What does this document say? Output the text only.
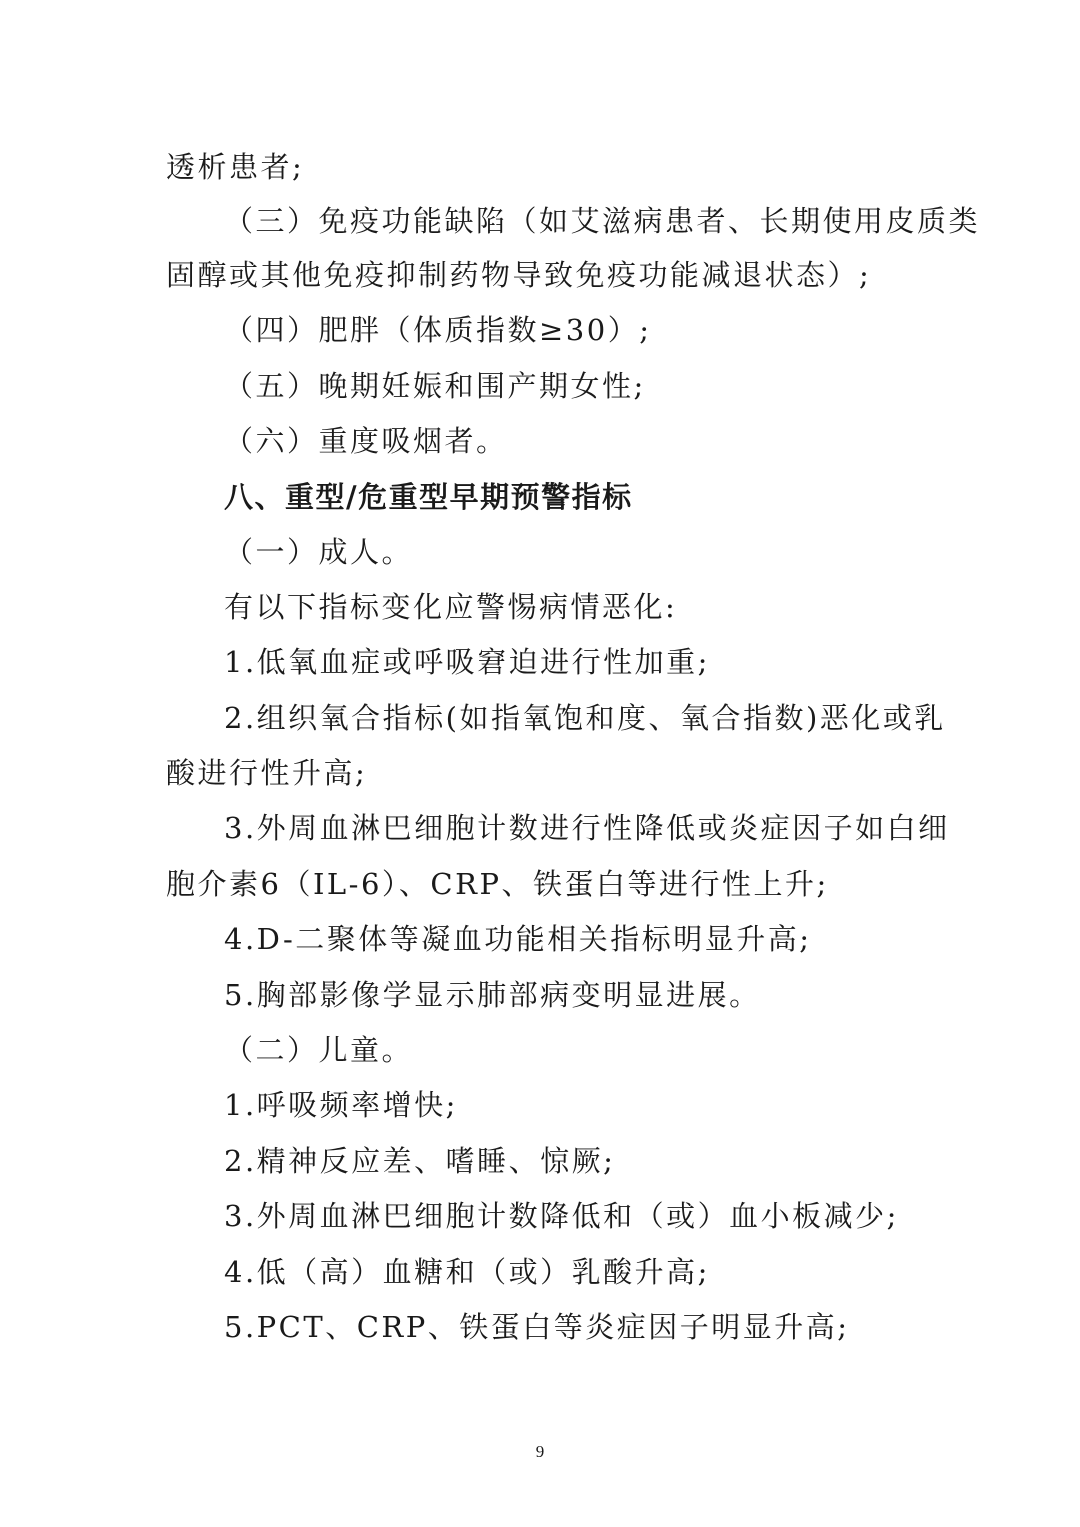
透析患者;
（三）免疫功能缺陷（如艾滋病患者、长期使用皮质类
固醇或其他免疫抑制药物导致免疫功能减退状态）;
（四）肥胖（体质指数≥30）;
（五）晚期妊娠和围产期女性;
（六）重度吸烟者。
八、重型/危重型早期预警指标
（一）成人。
有以下指标变化应警惕病情恶化:
1.低氧血症或呼吸窘迫进行性加重;
2.组织氧合指标(如指氧饱和度、氧合指数)恶化或乳
酸进行性升高;
3.外周血淋巴细胞计数进行性降低或炎症因子如白细
胞介素6（IL-6）、CRP、铁蛋白等进行性上升;
4.D-二聚体等凝血功能相关指标明显升高;
5.胸部影像学显示肺部病变明显进展。
（二）儿童。
1.呼吸频率增快;
2.精神反应差、嗜睡、惊厥;
3.外周血淋巴细胞计数降低和（或）血小板减少;
4.低（高）血糖和（或）乳酸升高;
5.PCT、CRP、铁蛋白等炎症因子明显升高;
9
